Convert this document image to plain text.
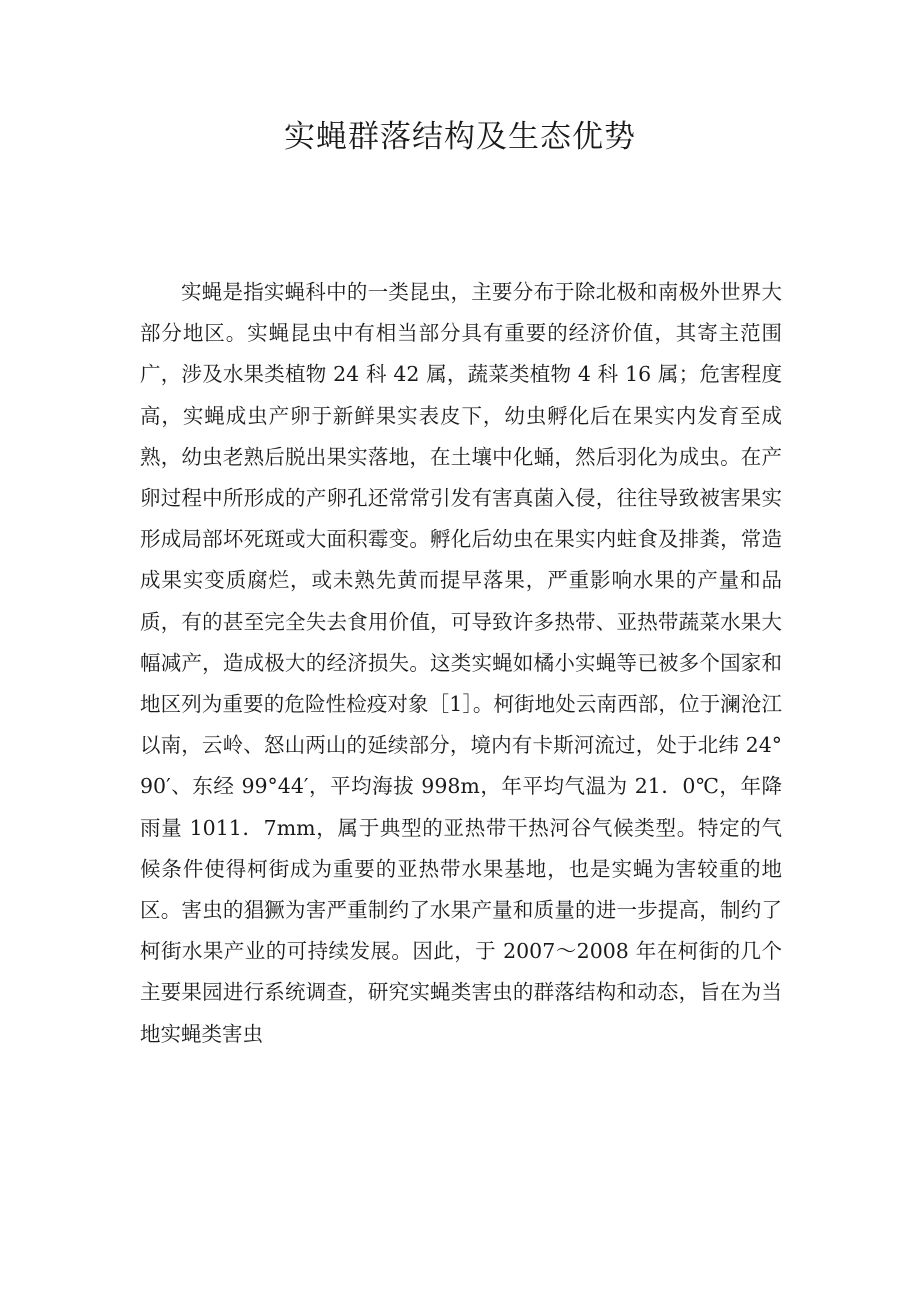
实蝇群落结构及生态优势

实蝇是指实蝇科中的一类昆虫，主要分布于除北极和南极外世界大部分地区。实蝇昆虫中有相当部分具有重要的经济价值，其寄主范围广，涉及水果类植物 24 科 42 属，蔬菜类植物 4 科 16 属；危害程度高，实蝇成虫产卵于新鲜果实表皮下，幼虫孵化后在果实内发育至成熟，幼虫老熟后脱出果实落地，在土壤中化蛹，然后羽化为成虫。在产卵过程中所形成的产卵孔还常常引发有害真菌入侵，往往导致被害果实形成局部坏死斑或大面积霉变。孵化后幼虫在果实内蛀食及排粪，常造成果实变质腐烂，或未熟先黄而提早落果，严重影响水果的产量和品质，有的甚至完全失去食用价值，可导致许多热带、亚热带蔬菜水果大幅减产，造成极大的经济损失。这类实蝇如橘小实蝇等已被多个国家和地区列为重要的危险性检疫对象［1］。柯街地处云南西部，位于澜沧江以南，云岭、怒山两山的延续部分，境内有卡斯河流过，处于北纬 24°90′、东经 99°44′，平均海拔 998m，年平均气温为 21．0℃，年降雨量 1011．7mm，属于典型的亚热带干热河谷气候类型。特定的气候条件使得柯街成为重要的亚热带水果基地，也是实蝇为害较重的地区。害虫的猖獗为害严重制约了水果产量和质量的进一步提高，制约了柯街水果产业的可持续发展。因此，于 2007～2008 年在柯街的几个主要果园进行系统调查，研究实蝇类害虫的群落结构和动态，旨在为当地实蝇类害虫
